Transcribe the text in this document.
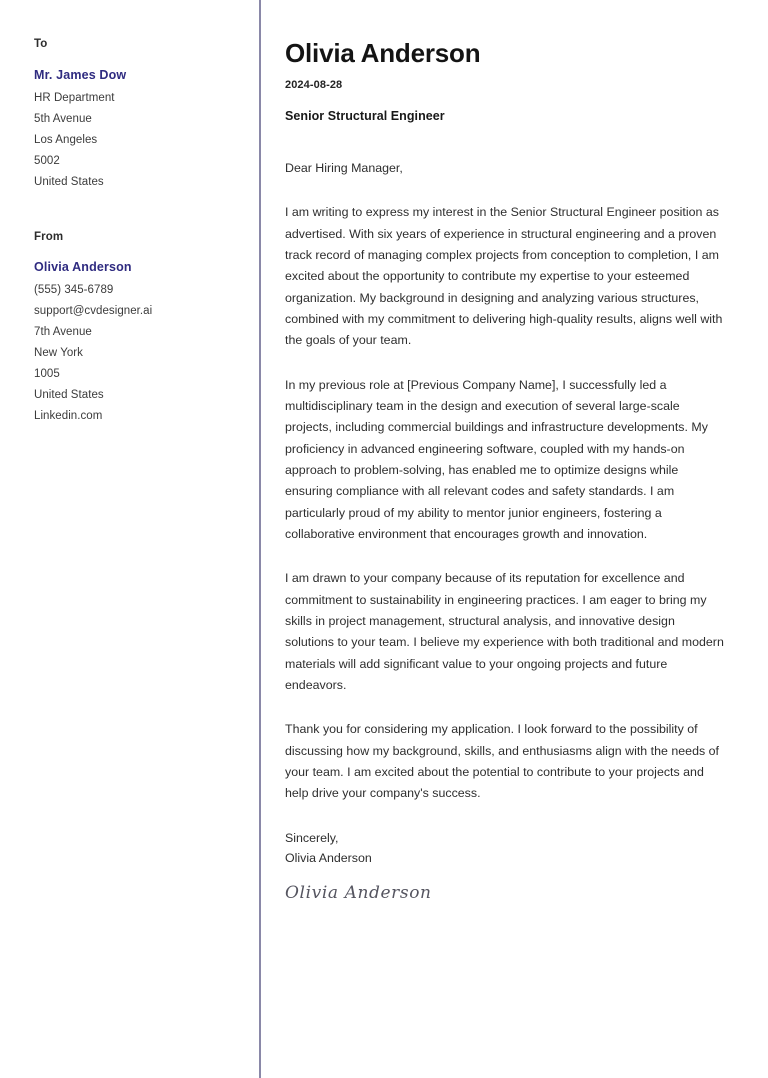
To
Mr. James Dow
HR Department
5th Avenue
Los Angeles
5002
United States
From
Olivia Anderson
(555) 345-6789
support@cvdesigner.ai
7th Avenue
New York
1005
United States
Linkedin.com
Olivia Anderson
2024-08-28
Senior Structural Engineer

Dear Hiring Manager,

I am writing to express my interest in the Senior Structural Engineer position as advertised. With six years of experience in structural engineering and a proven track record of managing complex projects from conception to completion, I am excited about the opportunity to contribute my expertise to your esteemed organization. My background in designing and analyzing various structures, combined with my commitment to delivering high-quality results, aligns well with the goals of your team.

In my previous role at [Previous Company Name], I successfully led a multidisciplinary team in the design and execution of several large-scale projects, including commercial buildings and infrastructure developments. My proficiency in advanced engineering software, coupled with my hands-on approach to problem-solving, has enabled me to optimize designs while ensuring compliance with all relevant codes and safety standards. I am particularly proud of my ability to mentor junior engineers, fostering a collaborative environment that encourages growth and innovation.

I am drawn to your company because of its reputation for excellence and commitment to sustainability in engineering practices. I am eager to bring my skills in project management, structural analysis, and innovative design solutions to your team. I believe my experience with both traditional and modern materials will add significant value to your ongoing projects and future endeavors.

Thank you for considering my application. I look forward to the possibility of discussing how my background, skills, and enthusiasms align with the needs of your team. I am excited about the potential to contribute to your projects and help drive your company's success.

Sincerely,
Olivia Anderson
Olivia Anderson
